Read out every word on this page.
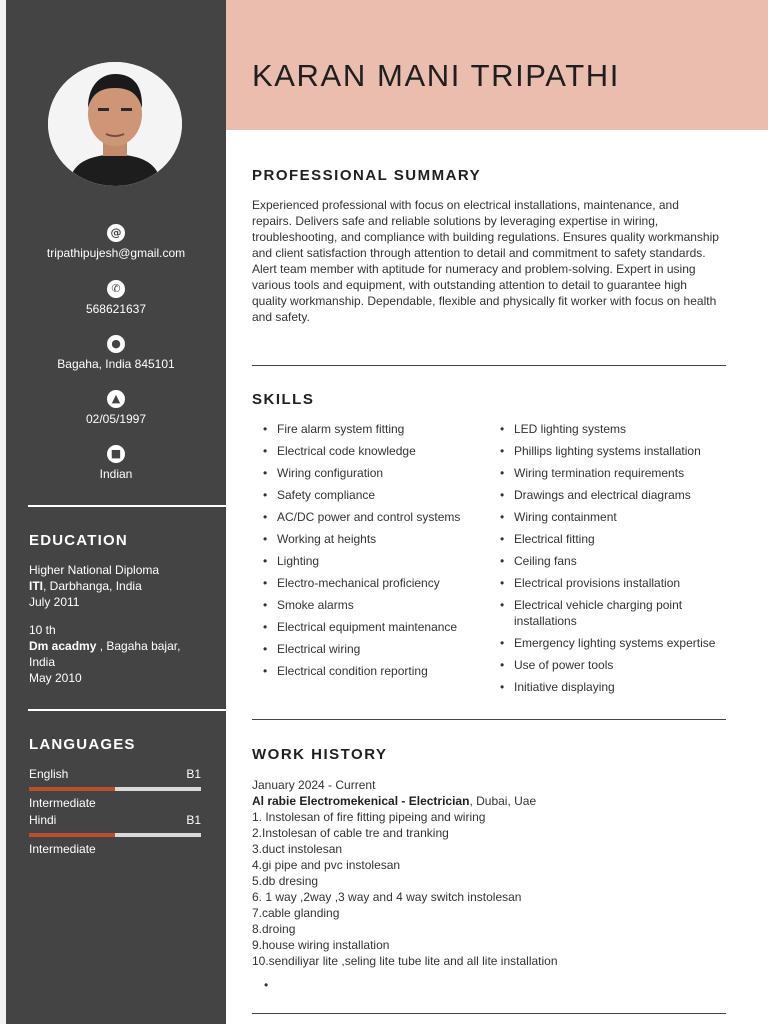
@
tripathipujesh@gmail.com
✆
568621637
●
Bagaha, India 845101
▲
02/05/1997
■
Indian
EDUCATION
Higher National Diploma
ITI, Darbhanga, India
July 2011
10 th
Dm acadmy , Bagaha bajar, India
May 2010
LANGUAGES
English	B1
Intermediate
Hindi	B1
Intermediate
KARAN MANI TRIPATHI
PROFESSIONAL SUMMARY

Experienced professional with focus on electrical installations, maintenance, and repairs. Delivers safe and reliable solutions by leveraging expertise in wiring, troubleshooting, and compliance with building regulations. Ensures quality workmanship and client satisfaction through attention to detail and commitment to safety standards.

Alert team member with aptitude for numeracy and problem-solving. Expert in using various tools and equipment, with outstanding attention to detail to guarantee high quality workmanship. Dependable, flexible and physically fit worker with focus on health and safety.

SKILLS
• Fire alarm system fitting
• Electrical code knowledge
• Wiring configuration
• Safety compliance
• AC/DC power and control systems
• Working at heights
• Lighting
• Electro-mechanical proficiency
• Smoke alarms
• Electrical equipment maintenance
• Electrical wiring
• Electrical condition reporting
• LED lighting systems
• Phillips lighting systems installation
• Wiring termination requirements
• Drawings and electrical diagrams
• Wiring containment
• Electrical fitting
• Ceiling fans
• Electrical provisions installation
• Electrical vehicle charging point installations
• Emergency lighting systems expertise
• Use of power tools
• Initiative displaying
WORK HISTORY
January 2024 - Current
Al rabie Electromekenical - Electrician, Dubai, Uae
1. Instolesan of fire fitting pipeing and wiring
2.Instolesan of cable tre and tranking
3.duct instolesan
4.gi pipe and pvc instolesan
5.db dresing
6. 1 way ,2way ,3 way and 4 way switch instolesan
7.cable glanding
8.droing
9.house wiring installation
10.sendiliyar lite ,seling lite tube lite and all lite installation
•
